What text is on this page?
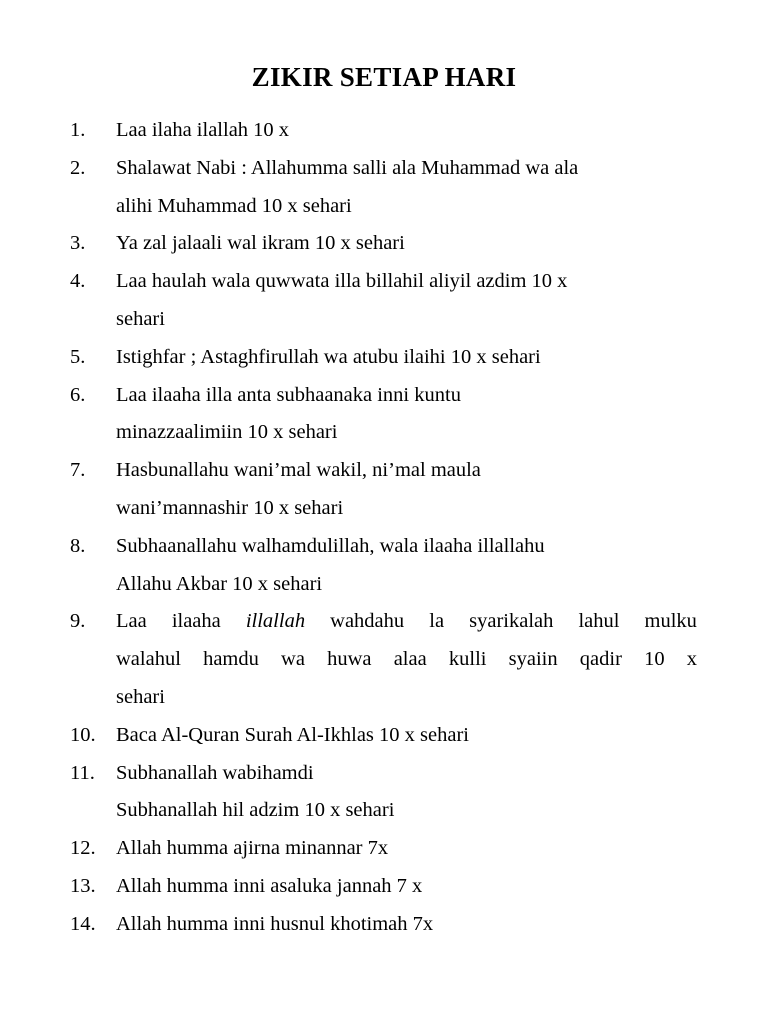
ZIKIR SETIAP HARI
1.	Laa ilaha ilallah 10 x
2.	Shalawat Nabi : Allahumma salli ala Muhammad wa ala
alihi Muhammad 10 x sehari
3.	Ya zal jalaali wal ikram 10 x sehari
4.	Laa haulah wala quwwata illa billahil aliyil azdim 10 x
sehari
5.	Istighfar ; Astaghfirullah wa atubu ilaihi 10 x sehari
6.	Laa ilaaha illa anta subhaanaka inni kuntu
minazzaalimiin 10 x sehari
7.	Hasbunallahu wani’mal wakil, ni’mal maula
wani’mannashir 10 x sehari
8.	Subhaanallahu walhamdulillah, wala ilaaha illallahu
Allahu Akbar 10 x sehari
9.	Laa ilaaha illallah wahdahu la syarikalah lahul mulku
walahul hamdu wa huwa alaa kulli syaiin qadir 10 x
sehari
10. Baca Al-Quran Surah Al-Ikhlas 10 x sehari
11.	Subhanallah wabihamdi
Subhanallah hil adzim 10 x sehari
12. Allah humma ajirna minannar 7x
13. Allah humma inni asaluka jannah 7 x
14. Allah humma inni husnul khotimah 7x
